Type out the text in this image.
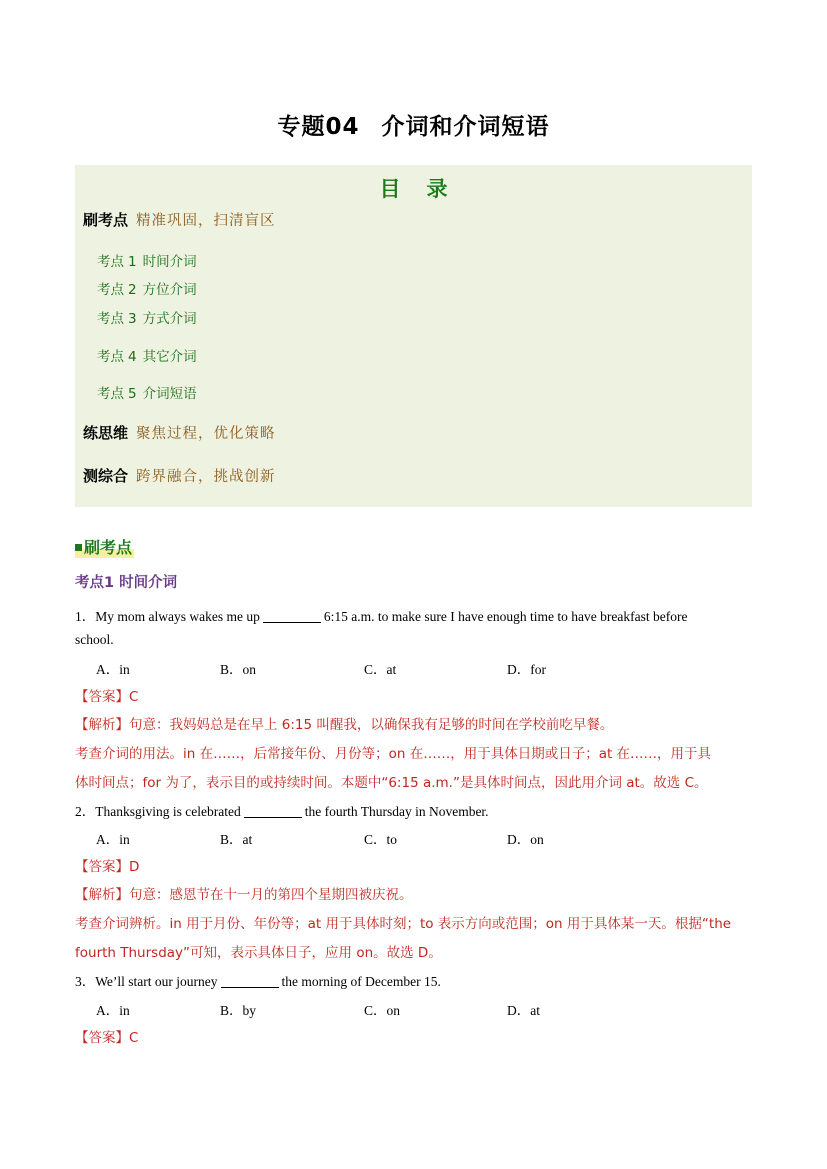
专题04 介词和介词短语
目 录
刷考点 精准巩固，扫清盲区
考点 1 时间介词
考点 2 方位介词
考点 3 方式介词
考点 4 其它介词
考点 5 介词短语
练思维 聚焦过程，优化策略
测综合 跨界融合，挑战创新
刷考点
考点1 时间介词
1．My mom always wakes me up	6:15 a.m. to make sure I have enough time to have breakfast before
school.
A．in	B．on	C．at	D．for
【答案】C
【解析】句意：我妈妈总是在早上 6:15 叫醒我，以确保我有足够的时间在学校前吃早餐。
考查介词的用法。in 在……，后常接年份、月份等；on 在……，用于具体日期或日子；at 在……，用于具
体时间点；for 为了，表示目的或持续时间。本题中“6:15 a.m.”是具体时间点，因此用介词 at。故选 C。
2．Thanksgiving is celebrated	the fourth Thursday in November.
A．in	B．at	C．to	D．on
【答案】D
【解析】句意：感恩节在十一月的第四个星期四被庆祝。
考查介词辨析。in 用于月份、年份等；at 用于具体时刻；to 表示方向或范围；on 用于具体某一天。根据“the
fourth Thursday”可知，表示具体日子，应用 on。故选 D。
3．We’ll start our journey	the morning of December 15.
A．in	B．by	C．on	D．at
【答案】C
